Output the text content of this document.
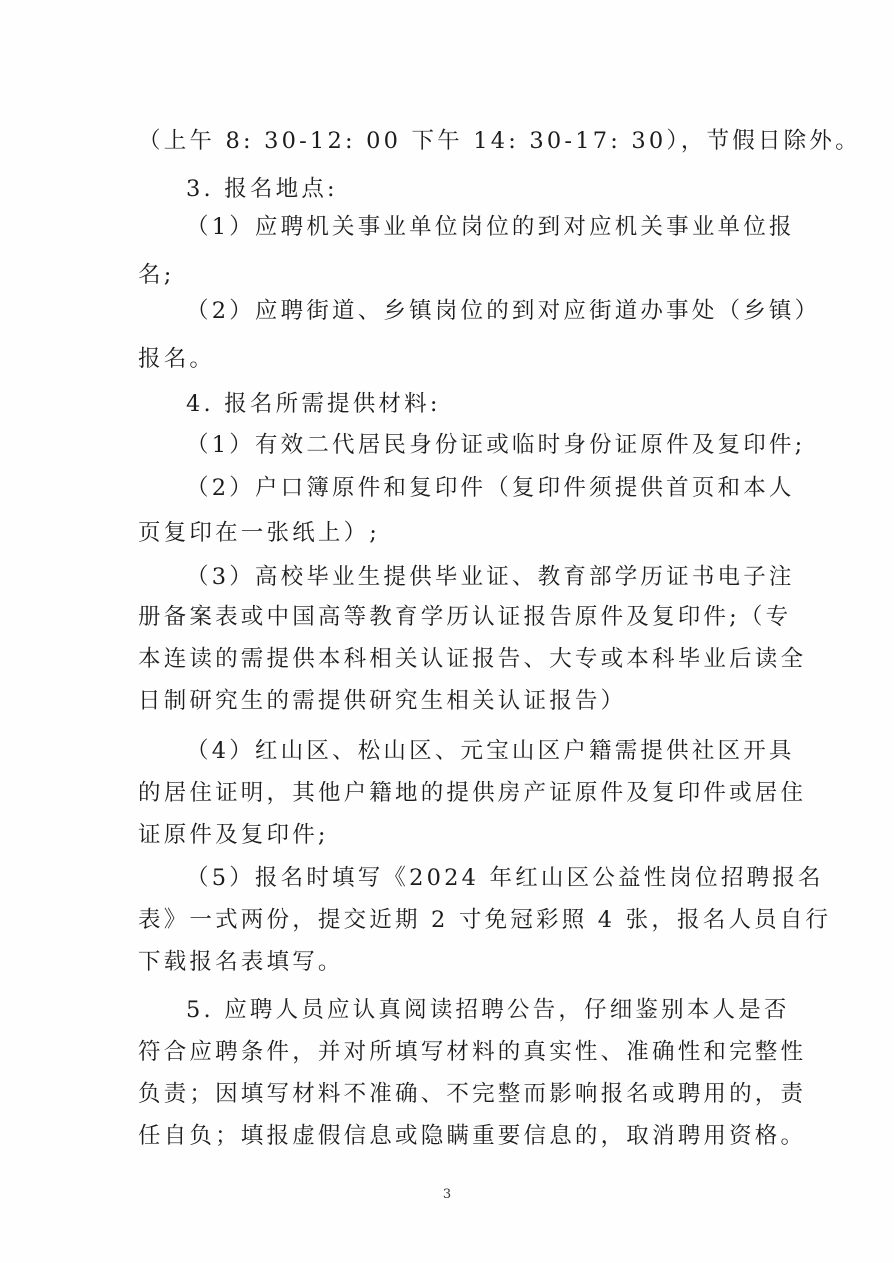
（上午 8: 30-12: 00 下午 14: 30-17: 30），节假日除外。
3. 报名地点:
（1）应聘机关事业单位岗位的到对应机关事业单位报
名;
（2）应聘街道、乡镇岗位的到对应街道办事处（乡镇）
报名。
4. 报名所需提供材料:
（1）有效二代居民身份证或临时身份证原件及复印件;
（2）户口簿原件和复印件（复印件须提供首页和本人
页复印在一张纸上）;
（3）高校毕业生提供毕业证、教育部学历证书电子注
册备案表或中国高等教育学历认证报告原件及复印件;（专
本连读的需提供本科相关认证报告、大专或本科毕业后读全
日制研究生的需提供研究生相关认证报告）
（4）红山区、松山区、元宝山区户籍需提供社区开具
的居住证明，其他户籍地的提供房产证原件及复印件或居住
证原件及复印件;
（5）报名时填写《2024 年红山区公益性岗位招聘报名
表》一式两份，提交近期 2 寸免冠彩照 4 张，报名人员自行
下载报名表填写。
5. 应聘人员应认真阅读招聘公告，仔细鉴别本人是否
符合应聘条件，并对所填写材料的真实性、准确性和完整性
负责；因填写材料不准确、不完整而影响报名或聘用的，责
任自负；填报虚假信息或隐瞒重要信息的，取消聘用资格。
3
